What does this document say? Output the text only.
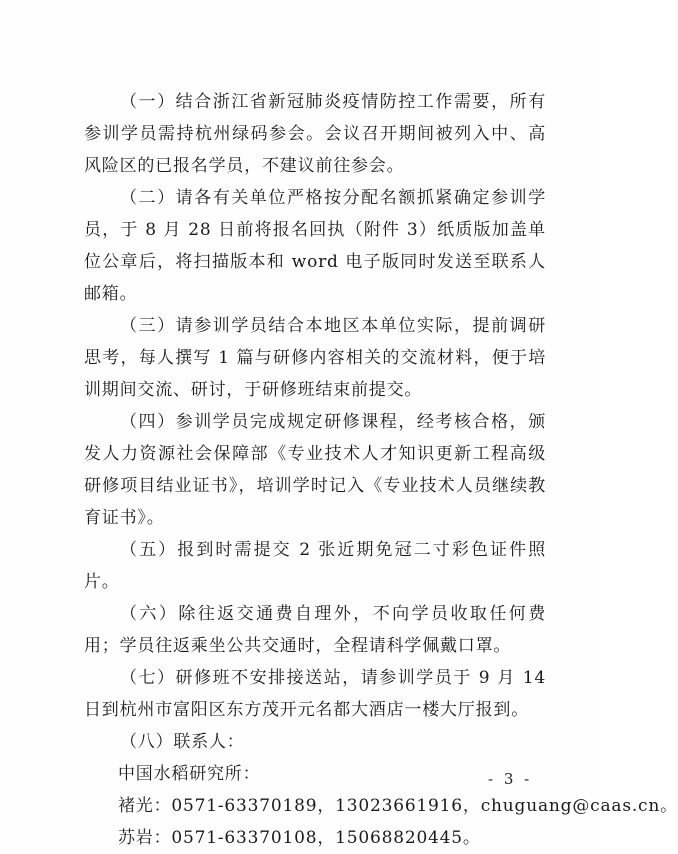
（一）结合浙江省新冠肺炎疫情防控工作需要，所有参训学员需持杭州绿码参会。会议召开期间被列入中、高风险区的已报名学员，不建议前往参会。

（二）请各有关单位严格按分配名额抓紧确定参训学员，于 8 月 28 日前将报名回执（附件 3）纸质版加盖单位公章后，将扫描版本和 word 电子版同时发送至联系人邮箱。

（三）请参训学员结合本地区本单位实际，提前调研思考，每人撰写 1 篇与研修内容相关的交流材料，便于培训期间交流、研讨，于研修班结束前提交。

（四）参训学员完成规定研修课程，经考核合格，颁发人力资源社会保障部《专业技术人才知识更新工程高级研修项目结业证书》，培训学时记入《专业技术人员继续教育证书》。

（五）报到时需提交 2 张近期免冠二寸彩色证件照片。

（六）除往返交通费自理外，不向学员收取任何费用；学员往返乘坐公共交通时，全程请科学佩戴口罩。

（七）研修班不安排接送站，请参训学员于 9 月 14 日到杭州市富阳区东方茂开元名都大酒店一楼大厅报到。

（八）联系人：

中国水稻研究所：

褚光：0571-63370189，13023661916，chuguang@caas.cn。

苏岩：0571-63370108，15068820445。

- 3 -
